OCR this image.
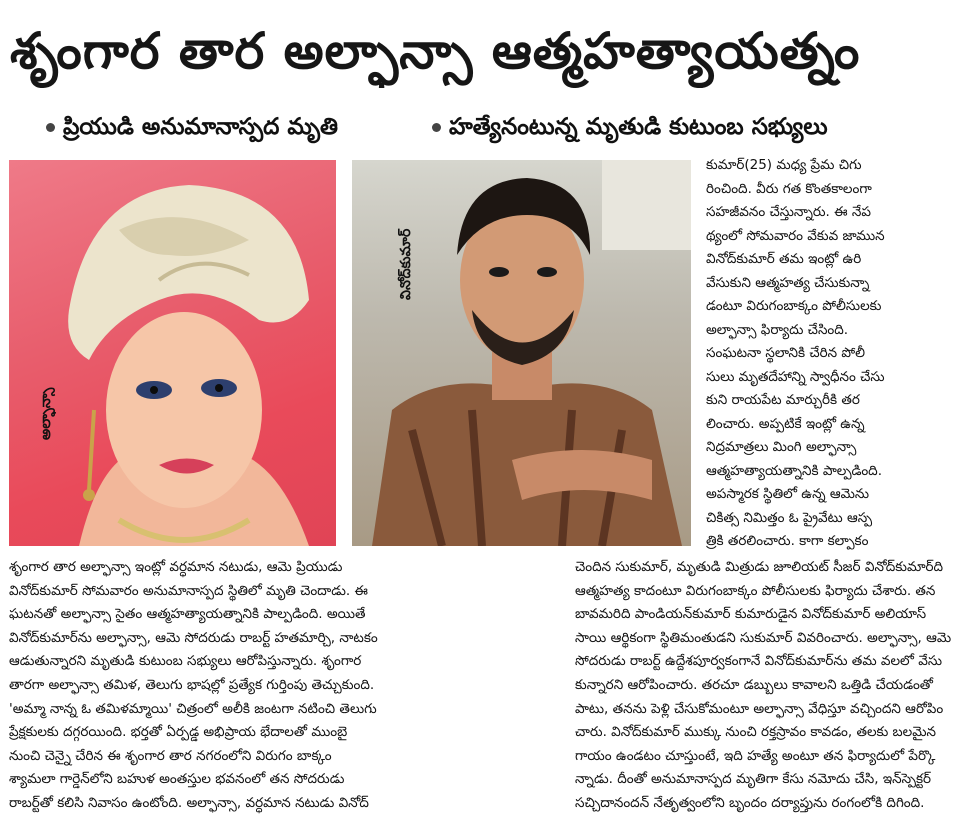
శృంగార తార అల్ఫాన్సా ఆత్మహత్యాయత్నం
ప్రియుడి అనుమానాస్పద మృతి	హత్యేనంటున్న మృతుడి కుటుంబ సభ్యులు
అల్ఫాన్సా
వినోద్‌కుమార్
కుమార్‌(25) మధ్య ప్రేమ చిగు
రించింది. వీరు గత కొంతకాలంగా
సహజీవనం చేస్తున్నారు. ఈ నేప
థ్యంలో సోమవారం వేకువ జామున
వినోద్‌కుమార్‌ తమ ఇంట్లో ఉరి
వేసుకుని ఆత్మహత్య చేసుకున్నా
డంటూ విరుగంబాక్కం పోలీసులకు
అల్ఫాన్సా ఫిర్యాదు చేసింది.
సంఘటనా స్థలానికి చేరిన పోలీ
సులు మృతదేహాన్ని స్వాధీనం చేసు
కుని రాయపేట మార్చురీకి తర
లించారు. అప్పటికే ఇంట్లో ఉన్న
నిద్రమాత్రలు మింగి అల్ఫాన్సా
ఆత్మహత్యాయత్నానికి పాల్పడింది.
అపస్మారక స్థితిలో ఉన్న ఆమెను
చికిత్స నిమిత్తం ఓ ప్రైవేటు ఆస్ప
త్రికి తరలించారు. కాగా కల్పాకం
శృంగార తార అల్ఫాన్సా ఇంట్లో వర్ధమాన నటుడు, ఆమె ప్రియుడు
వినోద్‌కుమార్‌ సోమవారం అనుమానాస్పద స్థితిలో మృతి చెందాడు. ఈ
ఘటనతో అల్ఫాన్సా సైతం ఆత్మహత్యాయత్నానికి పాల్పడింది. అయితే
వినోద్‌కుమార్‌ను అల్ఫాన్సా, ఆమె సోదరుడు రాబర్ట్‌ హతమార్చి, నాటకం
ఆడుతున్నారని మృతుడి కుటుంబ సభ్యులు ఆరోపిస్తున్నారు. శృంగార
తారగా అల్ఫాన్సా తమిళ, తెలుగు భాషల్లో ప్రత్యేక గుర్తింపు తెచ్చుకుంది.
'అమ్మా నాన్న ఓ తమిళమ్మాయి' చిత్రంలో అలీకి జంటగా నటించి తెలుగు
ప్రేక్షకులకు దగ్గరయింది. భర్తతో ఏర్పడ్డ అభిప్రాయ భేదాలతో ముంబై
నుంచి చెన్నై చేరిన ఈ శృంగార తార నగరంలోని విరుగం బాక్కం
శ్యామలా గార్డెన్‌లోని బహుళ అంతస్తుల భవనంలో తన సోదరుడు
రాబర్ట్‌తో కలిసి నివాసం ఉంటోంది. అల్ఫాన్సా, వర్ధమాన నటుడు వినోద్‌
చెందిన సుకుమార్‌, మృతుడి మిత్రుడు జూలియట్‌ సీజర్‌ వినోద్‌కుమార్‌ది
ఆత్మహత్య కాదంటూ విరుగంబాక్కం పోలీసులకు ఫిర్యాదు చేశారు. తన
బావమరిది పాండియన్‌కుమార్‌ కుమారుడైన వినోద్‌కుమార్‌ అలియాస్‌
సాయి ఆర్థికంగా స్థితిమంతుడని సుకుమార్‌ వివరించారు. అల్ఫాన్సా, ఆమె
సోదరుడు రాబర్ట్‌ ఉద్దేశపూర్వకంగానే వినోద్‌కుమార్‌ను తమ వలలో వేసు
కున్నారని ఆరోపించారు. తరచూ డబ్బులు కావాలని ఒత్తిడి చేయడంతో
పాటు, తనను పెళ్లి చేసుకోమంటూ అల్ఫాన్సా వేధిస్తూ వచ్చిందని ఆరోపిం
చారు. వినోద్‌కుమార్‌ ముక్కు నుంచి రక్తస్రావం కావడం, తలకు బలమైన
గాయం ఉండటం చూస్తుంటే, ఇది హత్యే అంటూ తన ఫిర్యాదులో పేర్కొ
న్నాడు. దీంతో అనుమానాస్పద మృతిగా కేసు నమోదు చేసి, ఇన్‌స్పెక్టర్‌
సచ్చిదానందన్‌ నేతృత్వంలోని బృందం దర్యాప్తును రంగంలోకి దిగింది.
